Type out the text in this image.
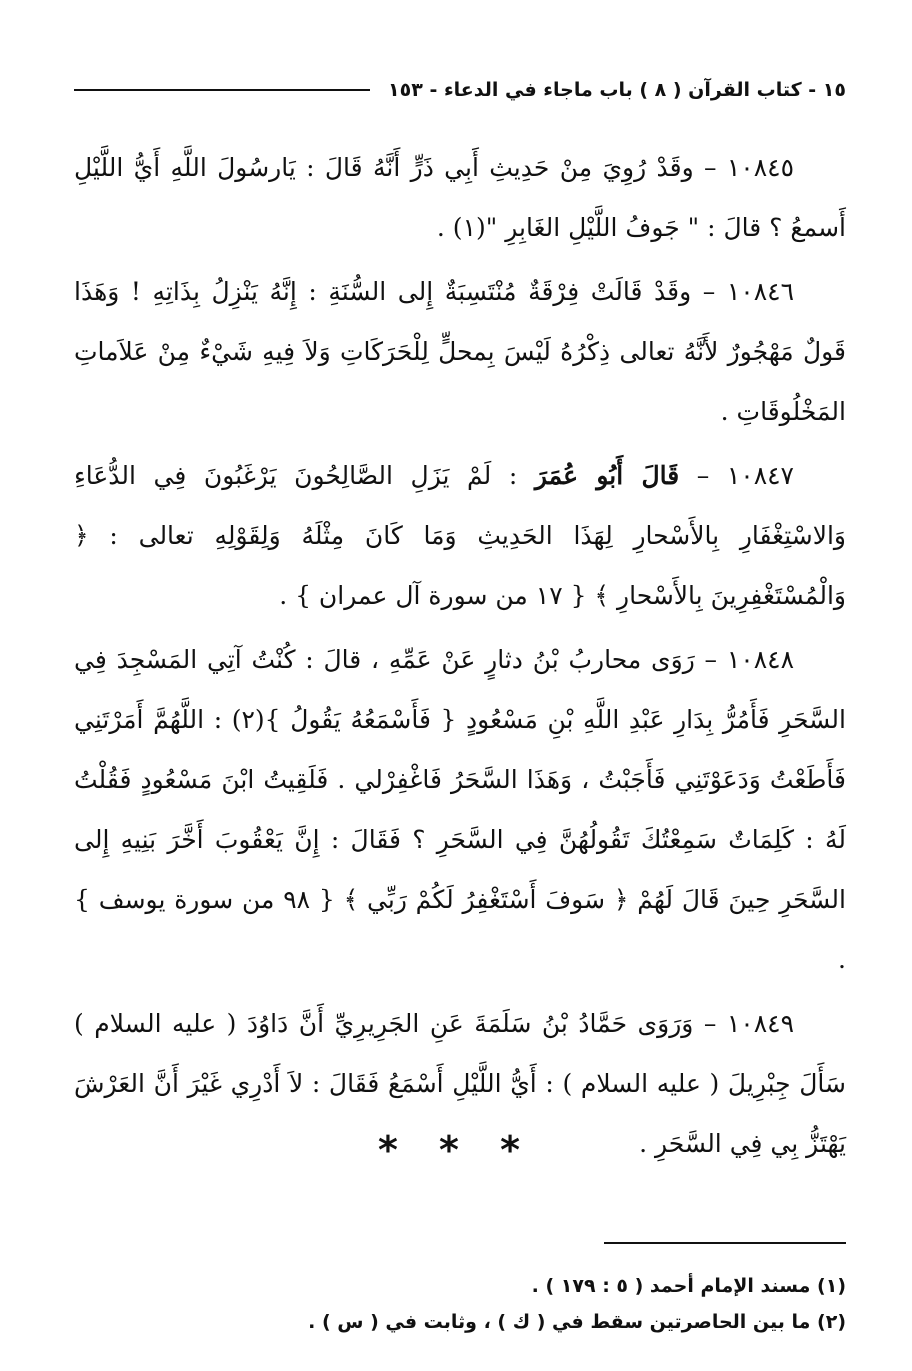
١٥ - كتاب القرآن ( ٨ ) باب ماجاء في الدعاء - ١٥٣

١٠٨٤٥ – وقَدْ رُوِيَ مِنْ حَدِيثِ أَبِي ذَرٍّ أَنَّهُ قَالَ : يَارسُولَ اللَّهِ أَيُّ اللَّيْلِ أَسمعُ ؟ قالَ : " جَوفُ اللَّيْلِ الغَابِرِ "(١) .

١٠٨٤٦ – وقَدْ قَالَتْ فِرْقَةٌ مُنْتَسِبَةٌ إِلى السُّنَةِ : إِنَّهُ يَنْزِلُ بِذَاتِهِ ! وَهَذَا قَولٌ مَهْجُورٌ لأَنَّهُ تعالى ذِكْرُهُ لَيْسَ بِمحلٍّ لِلْحَرَكَاتِ وَلاَ فِيهِ شَيْءٌ مِنْ عَلاَماتِ المَخْلُوقَاتِ .

١٠٨٤٧ – قَالَ أَبُو عُمَرَ : لَمْ يَزَلِ الصَّالِحُونَ يَرْغَبُونَ فِي الدُّعَاءِ وَالاسْتِغْفَارِ بِالأَسْحارِ لِهَذَا الحَدِيثِ وَمَا كَانَ مِثْلَهُ وَلِقَوْلِهِ تعالى : ﴿ وَالْمُسْتَغْفِرِينَ بِالأَسْحارِ ﴾ { ١٧ من سورة آل عمران } .

١٠٨٤٨ – رَوَى محاربُ بْنُ دثارٍ عَنْ عَمِّهِ ، قالَ : كُنْتُ آتِي المَسْجِدَ فِي السَّحَرِ فَأَمُرُّ بِدَارِ عَبْدِ اللَّهِ بْنِ مَسْعُودٍ { فَأَسْمَعُهُ يَقُولُ }(٢) : اللَّهُمَّ أَمَرْتَنِي فَأَطَعْتُ وَدَعَوْتَنِي فَأَجَبْتُ ، وَهَذَا السَّحَرُ فَاغْفِرْلي . فَلَقِيتُ ابْنَ مَسْعُودٍ فَقُلْتُ لَهُ : كَلِمَاتٌ سَمِعْتُكَ تَقُولُهُنَّ فِي السَّحَرِ ؟ فَقَالَ : إِنَّ يَعْقُوبَ أَخَّرَ بَنِيهِ إِلى السَّحَرِ حِينَ قَالَ لَهُمْ ﴿ سَوفَ أَسْتَغْفِرُ لَكُمْ رَبِّي ﴾ { ٩٨ من سورة يوسف } .

١٠٨٤٩ – وَرَوَى حَمَّادُ بْنُ سَلَمَةَ عَنِ الجَرِيرِيِّ أَنَّ دَاوُدَ ( عليه السلام ) سَأَلَ جِبْرِيلَ ( عليه السلام ) : أَيُّ اللَّيْلِ أَسْمَعُ فَقَالَ : لاَ أَدْرِي غَيْرَ أَنَّ العَرْشَ يَهْتَزُّ بِي فِي السَّحَرِ .

* * *
(١) مسند الإمام أحمد ( ٥ : ١٧٩ ) .
(٢) ما بين الحاصرتين سقط في ( ك ) ، وثابت في ( س ) .
